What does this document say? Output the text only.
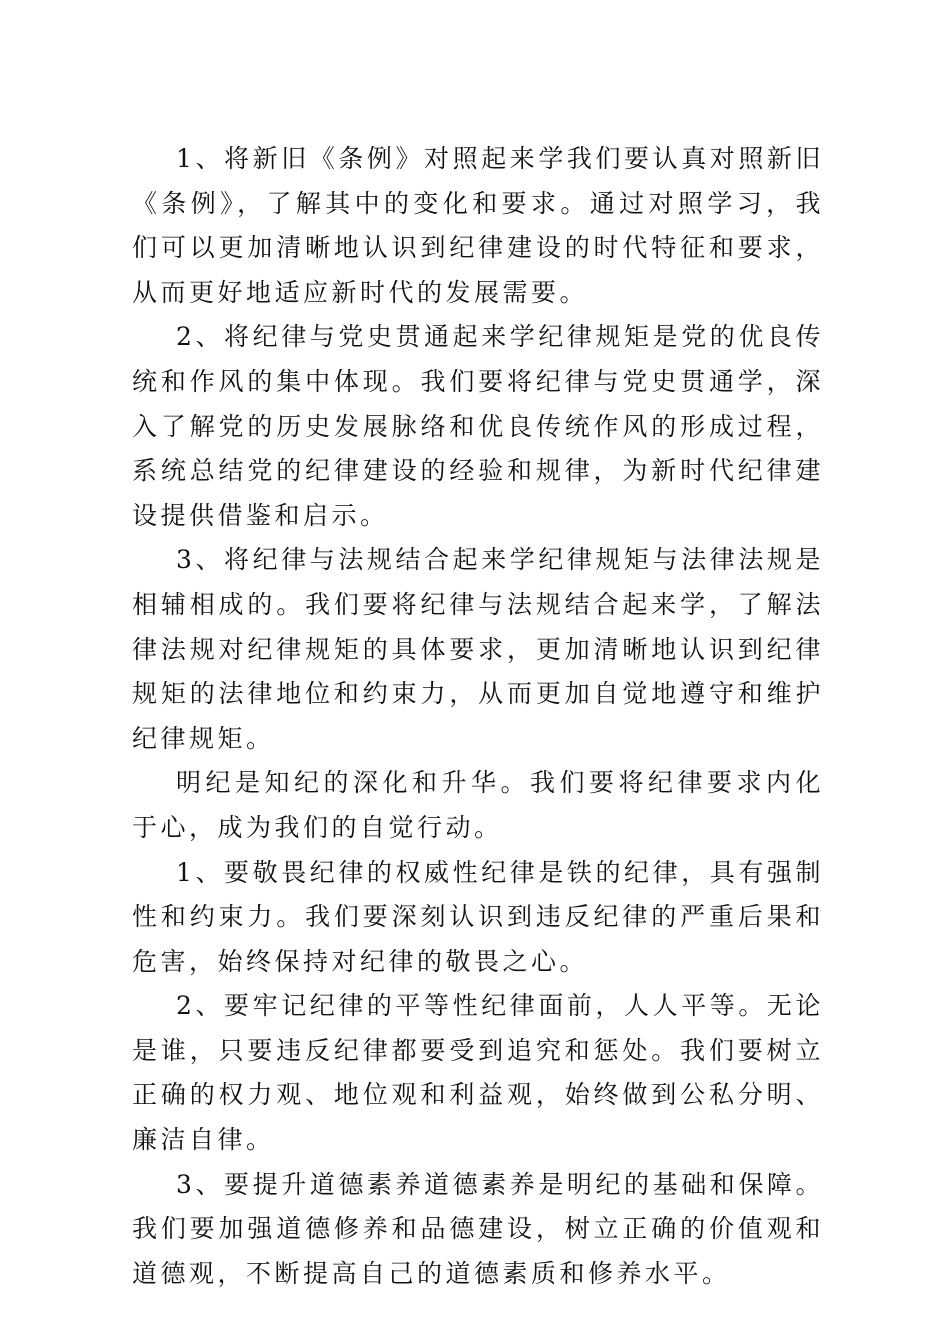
1、将新旧《条例》对照起来学我们要认真对照新旧《条例》，了解其中的变化和要求。通过对照学习，我们可以更加清晰地认识到纪律建设的时代特征和要求，从而更好地适应新时代的发展需要。

2、将纪律与党史贯通起来学纪律规矩是党的优良传统和作风的集中体现。我们要将纪律与党史贯通学，深入了解党的历史发展脉络和优良传统作风的形成过程，系统总结党的纪律建设的经验和规律，为新时代纪律建设提供借鉴和启示。

3、将纪律与法规结合起来学纪律规矩与法律法规是相辅相成的。我们要将纪律与法规结合起来学，了解法律法规对纪律规矩的具体要求，更加清晰地认识到纪律规矩的法律地位和约束力，从而更加自觉地遵守和维护纪律规矩。

明纪是知纪的深化和升华。我们要将纪律要求内化于心，成为我们的自觉行动。

1、要敬畏纪律的权威性纪律是铁的纪律，具有强制性和约束力。我们要深刻认识到违反纪律的严重后果和危害，始终保持对纪律的敬畏之心。

2、要牢记纪律的平等性纪律面前，人人平等。无论是谁，只要违反纪律都要受到追究和惩处。我们要树立正确的权力观、地位观和利益观，始终做到公私分明、廉洁自律。

3、要提升道德素养道德素养是明纪的基础和保障。我们要加强道德修养和品德建设，树立正确的价值观和道德观，不断提高自己的道德素质和修养水平。
